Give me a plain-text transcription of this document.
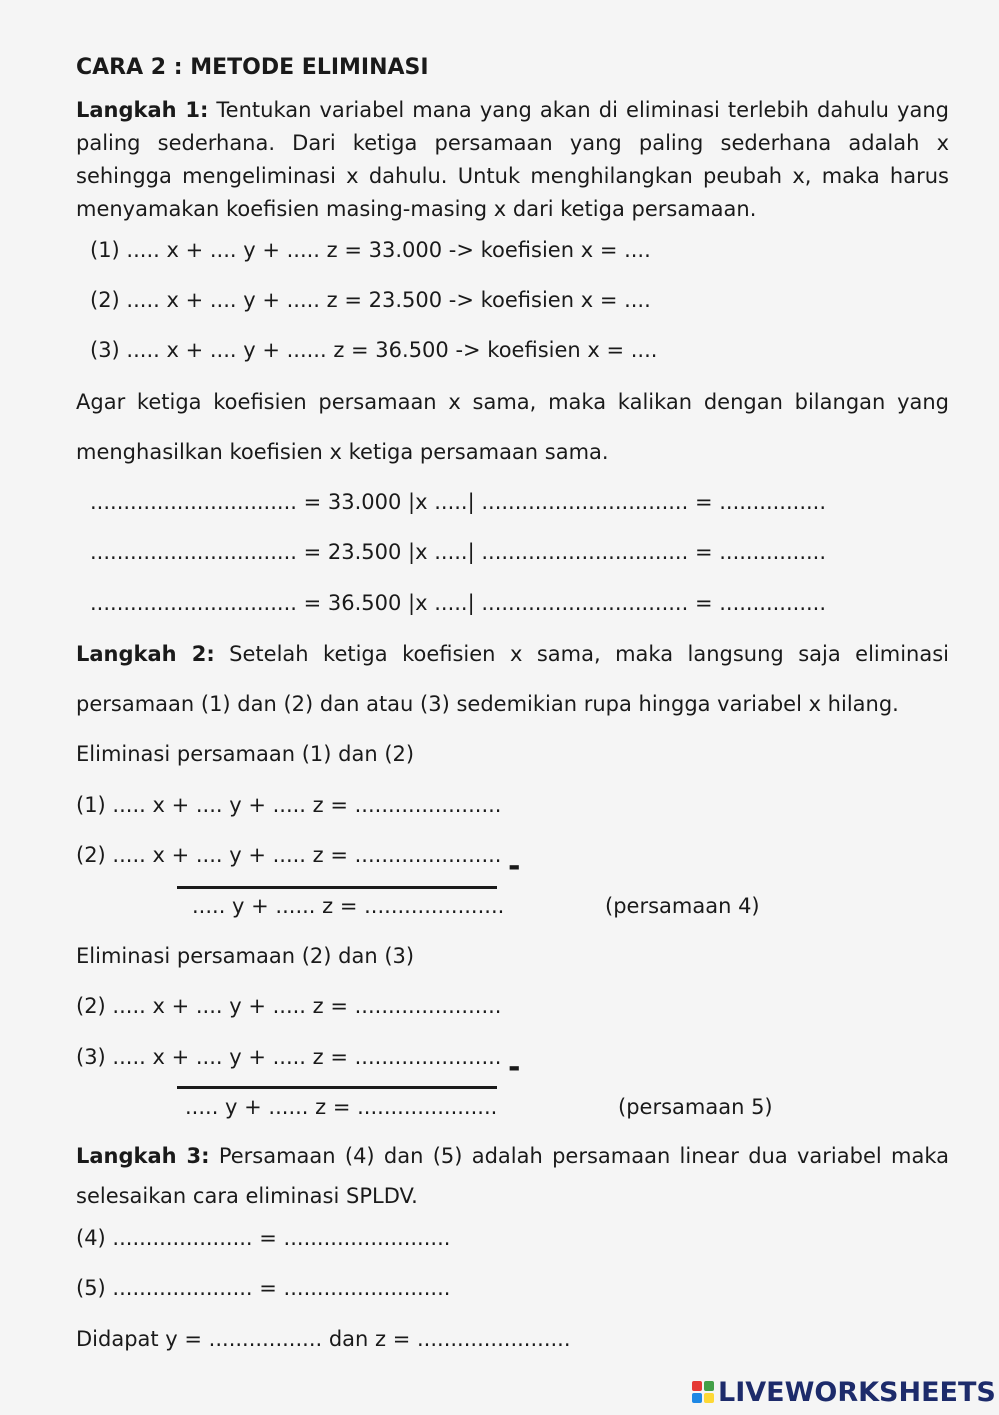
CARA 2 : METODE ELIMINASI
Langkah 1: Tentukan variabel mana yang akan di eliminasi terlebih dahulu yang paling sederhana. Dari ketiga persamaan yang paling sederhana adalah x sehingga mengeliminasi x dahulu. Untuk menghilangkan peubah x, maka harus menyamakan koefisien masing-masing x dari ketiga persamaan.
(1) ..... x + .... y + ..... z = 33.000 -> koefisien x = ....
(2) ..... x + .... y + ..... z = 23.500 -> koefisien x = ....
(3) ..... x + .... y + ...... z = 36.500 -> koefisien x = ....
Agar ketiga koefisien persamaan x sama, maka kalikan dengan bilangan yang menghasilkan koefisien x ketiga persamaan sama.
............................... = 33.000 |x .....| ............................... = ................
............................... = 23.500 |x .....| ............................... = ................
............................... = 36.500 |x .....| ............................... = ................
Langkah 2: Setelah ketiga koefisien x sama, maka langsung saja eliminasi persamaan (1) dan (2) dan atau (3) sedemikian rupa hingga variabel x hilang.
Eliminasi persamaan (1) dan (2)
(1) ..... x + .... y + ..... z = ......................
(2) ..... x + .... y + ..... z = ...................... -
..... y + ...... z = .....................	(persamaan 4)
Eliminasi persamaan (2) dan (3)
(2) ..... x + .... y + ..... z = ......................
(3) ..... x + .... y + ..... z = ...................... -
..... y + ...... z = .....................	(persamaan 5)
Langkah 3: Persamaan (4) dan (5) adalah persamaan linear dua variabel maka selesaikan cara eliminasi SPLDV.
(4) ..................... = .........................
(5) ..................... = .........................
Didapat y = ................. dan z = .......................
LIVEWORKSHEETS
